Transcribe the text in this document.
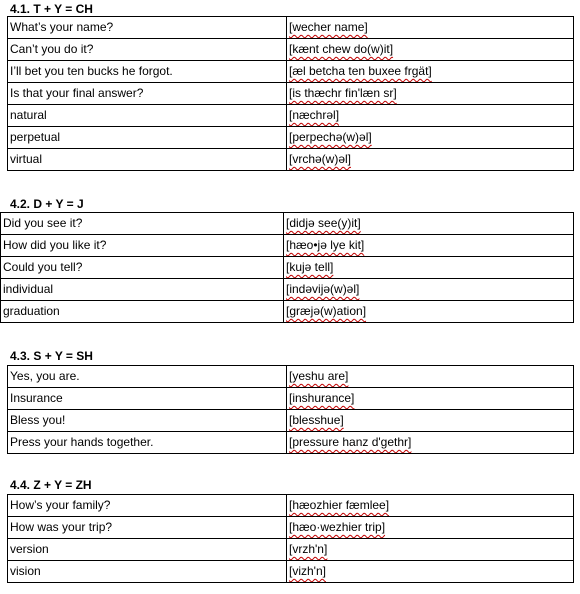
4.1. T + Y = CH
What’s your name?	[wecher name]
Can’t you do it?	[kænt chew do(w)it]
I’ll bet you ten bucks he forgot.	[æl betcha ten buxee frgät]
Is that your final answer?	[is thæchr fin'læn sr]
natural	[næchrəl]
perpetual	[perpechə(w)əl]
virtual	[vrchə(w)əl]
4.2. D + Y = J
Did you see it?	[didjə see(y)it]
How did you like it?	[hæo•jə lye kit]
Could you tell?	[kujə tell]
individual	[indəvijə(w)əl]
graduation	[græjə(w)ation]
4.3. S + Y = SH
Yes, you are.	[yeshu are]
Insurance	[inshurance]
Bless you!	[blesshue]
Press your hands together.	[pressure hanz d'gethr]
4.4. Z + Y = ZH
How’s your family?	[hæozhier fæmlee]
How was your trip?	[hæo·wezhier trip]
version	[vrzh'n]
vision	[vizh'n]
